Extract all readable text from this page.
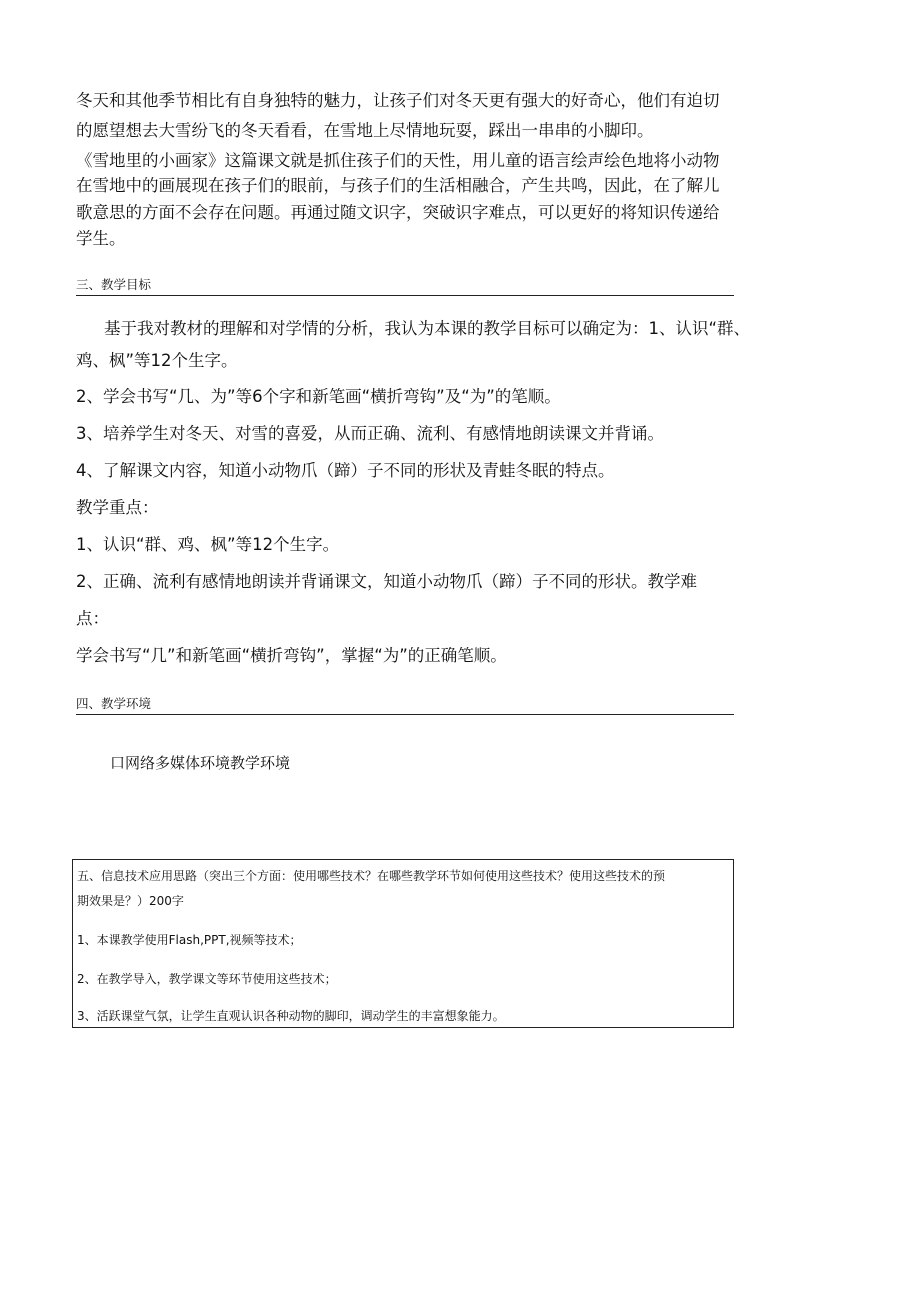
冬天和其他季节相比有自身独特的魅力，让孩子们对冬天更有强大的好奇心，他们有迫切
的愿望想去大雪纷飞的冬天看看，在雪地上尽情地玩耍，踩出一串串的小脚印。
《雪地里的小画家》这篇课文就是抓住孩子们的天性，用儿童的语言绘声绘色地将小动物
在雪地中的画展现在孩子们的眼前，与孩子们的生活相融合，产生共鸣，因此，在了解儿
歌意思的方面不会存在问题。再通过随文识字，突破识字难点，可以更好的将知识传递给
学生。
三、教学目标
基于我对教材的理解和对学情的分析，我认为本课的教学目标可以确定为：1、认识“群、
鸡、枫”等12个生字。
2、学会书写“几、为”等6个字和新笔画“横折弯钩”及“为”的笔顺。
3、培养学生对冬天、对雪的喜爱，从而正确、流利、有感情地朗读课文并背诵。
4、了解课文内容，知道小动物爪（蹄）子不同的形状及青蛙冬眠的特点。
教学重点：
1、认识“群、鸡、枫”等12个生字。
2、正确、流利有感情地朗读并背诵课文，知道小动物爪（蹄）子不同的形状。教学难
点：
学会书写“几”和新笔画“横折弯钩”，掌握“为”的正确笔顺。
四、教学环境
口网络多媒体环境教学环境
五、信息技术应用思路（突出三个方面：使用哪些技术？在哪些教学环节如何使用这些技术？使用这些技术的预
期效果是？）200字
1、本课教学使用Flash,PPT,视频等技术；
2、在教学导入，教学课文等环节使用这些技术；
3、活跃课堂气氛，让学生直观认识各种动物的脚印，调动学生的丰富想象能力。
